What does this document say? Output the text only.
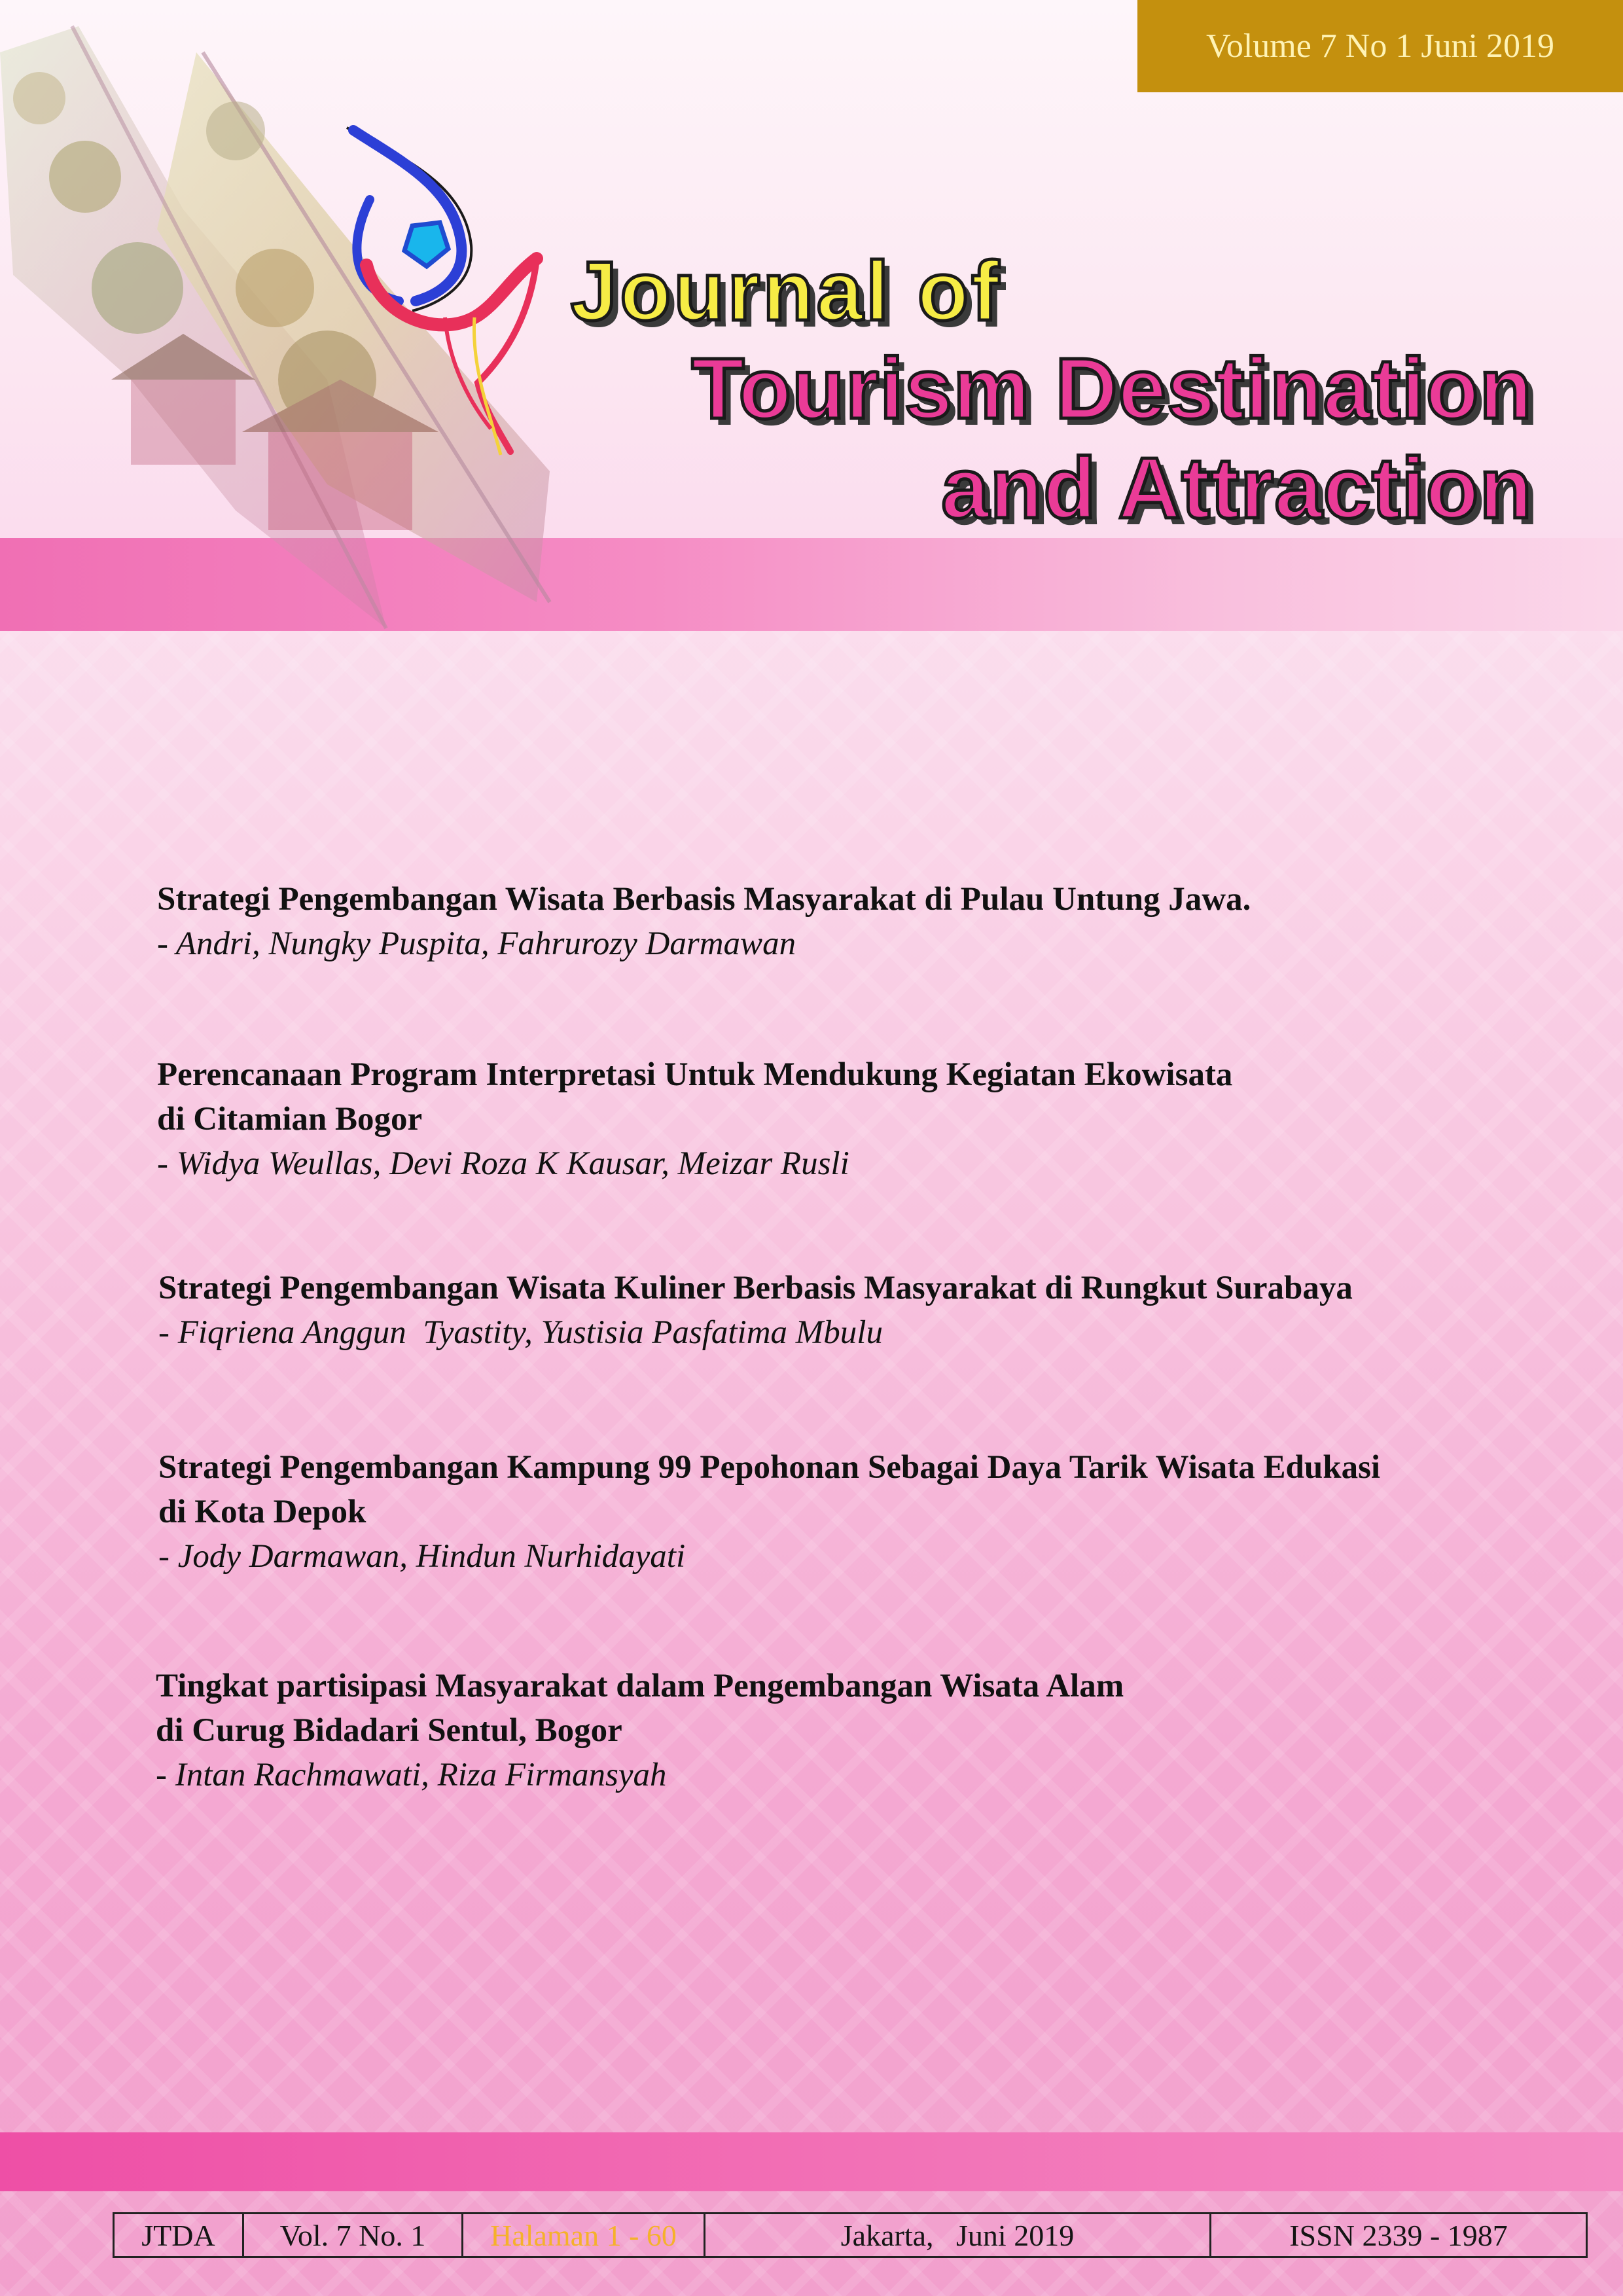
Journal of
Tourism Destination
and Attraction
Volume 7 No 1 Juni 2019

Strategi Pengembangan Wisata Berbasis Masyarakat di Pulau Untung Jawa.

- Andri, Nungky Puspita, Fahrurozy Darmawan

Perencanaan Program Interpretasi Untuk Mendukung Kegiatan Ekowisata

di Citamian Bogor

- Widya Weullas, Devi Roza K Kausar, Meizar Rusli

Strategi Pengembangan Wisata Kuliner Berbasis Masyarakat di Rungkut Surabaya

- Fiqriena Anggun  Tyastity, Yustisia Pasfatima Mbulu

Strategi Pengembangan Kampung 99 Pepohonan Sebagai Daya Tarik Wisata Edukasi

di Kota Depok

- Jody Darmawan, Hindun Nurhidayati

Tingkat partisipasi Masyarakat dalam Pengembangan Wisata Alam

di Curug Bidadari Sentul, Bogor

- Intan Rachmawati, Riza Firmansyah

JTDA	Vol. 7 No. 1	Halaman 1 - 60	Jakarta,   Juni 2019	ISSN 2339 - 1987
